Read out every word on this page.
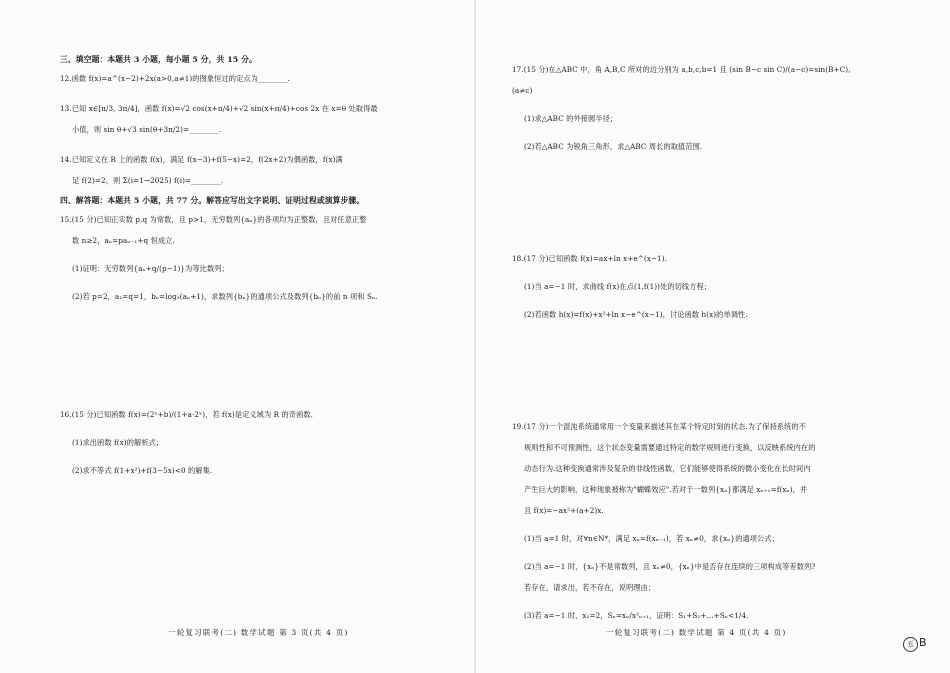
三、填空题：本题共 3 小题，每小题 5 分，共 15 分。

12.函数 f(x)=a^(x−2)+2x(a>0,a≠1)的图象恒过的定点为________.

13.已知 x∈[π/3, 3π/4]，函数 f(x)=√2 cos(x+π/4)+√2 sin(x+π/4)+cos 2x 在 x=θ 处取得最

小值，则 sin θ+√3 sin(θ+3π/2)=________.

14.已知定义在 R 上的函数 f(x)，满足 f(x−3)+f(5−x)=2，f(2x+2)为偶函数，f(x)满

足 f(2)=2，则 Σ(i=1→2025) f(i)=________.

四、解答题：本题共 5 小题，共 77 分。解答应写出文字说明、证明过程或演算步骤。

15.(15 分)已知正实数 p,q 为常数，且 p>1，无穷数列{aₙ}的各项均为正整数，且对任意正整

数 n≥2，aₙ=paₙ₋₁+q 恒成立.

(1)证明：无穷数列{aₙ+q/(p−1)}为等比数列；

(2)若 p=2，a₁=q=1，bₙ=log₂(aₙ+1)，求数列{bₙ}的通项公式及数列{bₙ}的前 n 项和 Sₙ.

16.(15 分)已知函数 f(x)=(2ˣ+b)/(1+a·2ˣ)，若 f(x)是定义域为 R 的奇函数.

(1)求出函数 f(x)的解析式；

(2)求不等式 f(1+x²)+f(3−5x)<0 的解集.

17.(15 分)在△ABC 中，角 A,B,C 所对的边分别为 a,b,c,b=1 且 (sin B−c sin C)/(a−c)=sin(B+C),

(a≠c)

(1)求△ABC 的外接圆半径；

(2)若△ABC 为锐角三角形，求△ABC 周长的取值范围.

18.(17 分)已知函数 f(x)=ax+ln x+e^(x−1).

(1)当 a=−1 时，求曲线 f(x)在点(1,f(1))处的切线方程；

(2)若函数 h(x)=f(x)+x²+ln x−e^(x−1)，讨论函数 h(x)的单调性.

19.(17 分)一个混沌系统通常用一个变量来描述其在某个特定时刻的状态.为了保持系统的不

规则性和不可预测性，这个状态变量需要通过特定的数学规则进行变换，以反映系统内在的

动态行为.这种变换通常涉及复杂的非线性函数，它们能够使得系统的微小变化在长时间内

产生巨大的影响，这种现象被称为"蝴蝶效应".若对于一数列{xₙ}都满足 xₙ₊₁=f(xₙ)，并

且 f(x)=−ax²+(a+2)x.

(1)当 a=1 时，对∀n∈N*，满足 xₙ=f(xₙ₋₁)，若 xₙ≠0，求{xₙ}的通项公式；

(2)当 a=−1 时，{xₙ}不是常数列，且 xₙ≠0，{xₙ}中是否存在连续的三项构成等差数列?

若存在，请求出，若不存在，说明理由；

(3)若 a=−1 时，x₁=2，Sₙ=xₙ/x²ₙ₊₁，证明：S₁+S₂+…+Sₙ<1/4.

一轮复习联考(二) 数学试题 第 3 页(共 4 页)	一轮复习联考(二) 数学试题 第 4 页(共 4 页)
五 B
